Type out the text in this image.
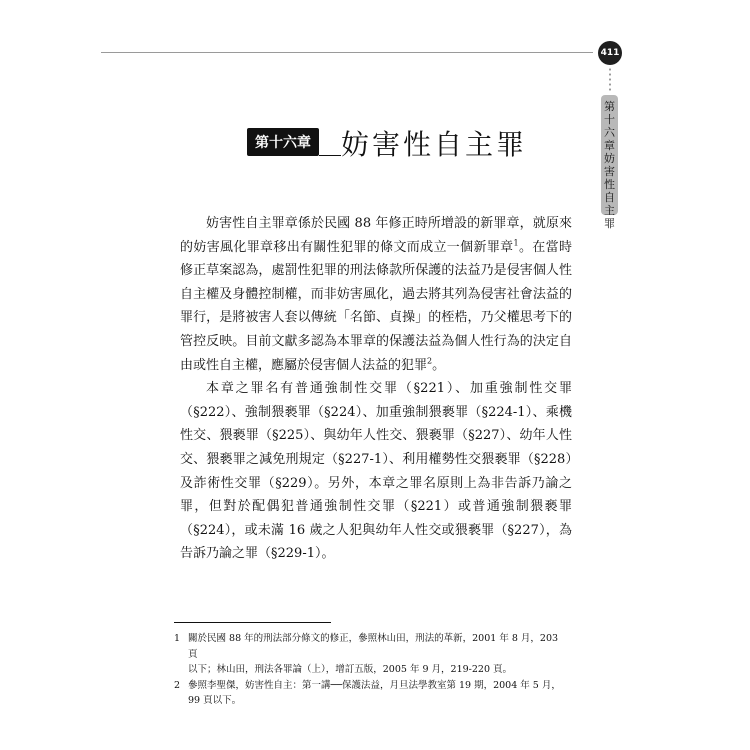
411
第
十
六
章
妨
害
性
自
主
罪
第十六章 妨害性自主罪

妨害性自主罪章係於民國 88 年修正時所增設的新罪章，就原來的妨害風化罪章移出有關性犯罪的條文而成立一個新罪章$^1$。在當時修正草案認為，處罰性犯罪的刑法條款所保護的法益乃是侵害個人性自主權及身體控制權，而非妨害風化，過去將其列為侵害社會法益的罪行，是將被害人套以傳統「名節、貞操」的桎梏，乃父權思考下的管控反映。目前文獻多認為本罪章的保護法益為個人性行為的決定自由或性自主權，應屬於侵害個人法益的犯罪$^2$。

本章之罪名有普通強制性交罪（§221）、加重強制性交罪（§222）、強制猥褻罪（§224）、加重強制猥褻罪（§224-1）、乘機性交、猥褻罪（§225）、與幼年人性交、猥褻罪（§227）、幼年人性交、猥褻罪之減免刑規定（§227-1）、利用權勢性交猥褻罪（§228）及詐術性交罪（§229）。另外，本章之罪名原則上為非告訴乃論之罪，但對於配偶犯普通強制性交罪（§221）或普通強制猥褻罪（§224），或未滿 16 歲之人犯與幼年人性交或猥褻罪（§227），為告訴乃論之罪（§229-1）。

1 關於民國 88 年的刑法部分條文的修正，參照林山田，刑法的革新，2001 年 8 月，203 頁
以下；林山田，刑法各罪論（上），增訂五版，2005 年 9 月，219-220 頁。
2 參照李聖傑，妨害性自主：第一講──保護法益，月旦法學教室第 19 期，2004 年 5 月，
99 頁以下。
